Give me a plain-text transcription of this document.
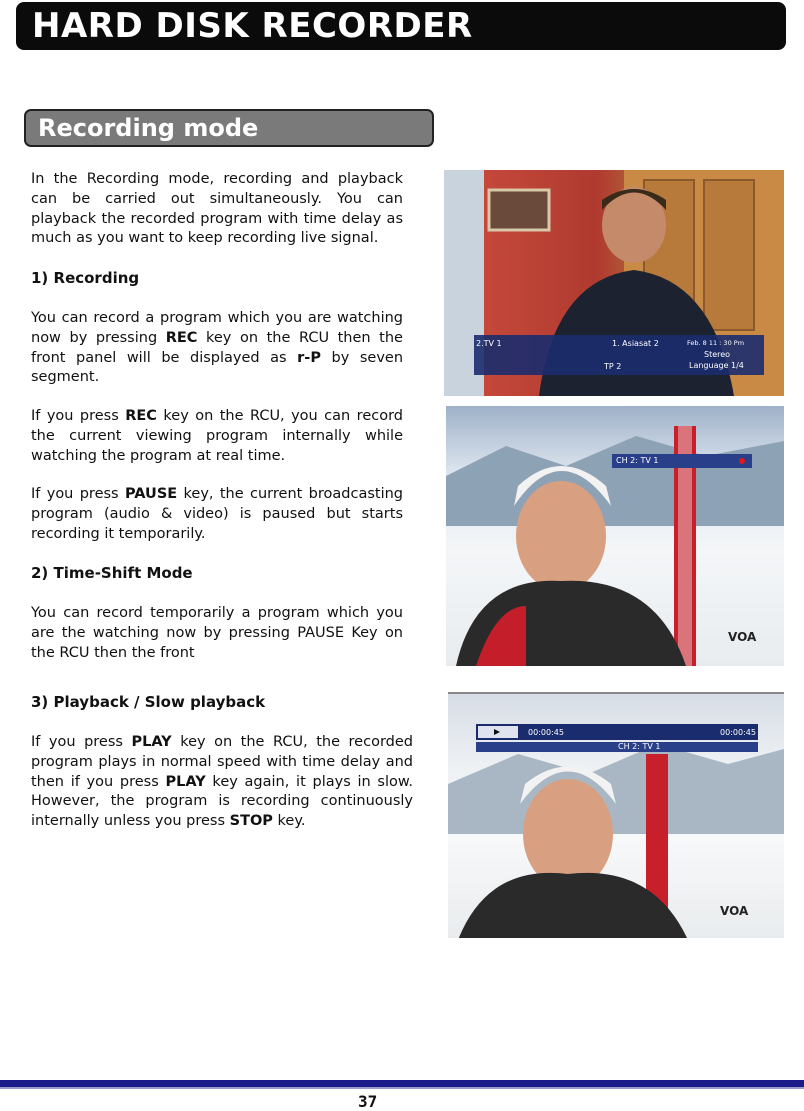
HARD DISK RECORDER
Recording mode

In the Recording mode, recording and playback can be carried out simultaneously. You can playback the recorded program with time delay as much as you want to keep recording live signal.

1) Recording

You can record a program which you are watching now by pressing REC key on the RCU then the front panel will be displayed as r-P by seven segment.

If you press REC key on the RCU, you can record the current viewing program internally while watching the program at real time.

If you press PAUSE key, the current broadcasting program (audio & video) is paused but starts recording it temporarily.

2) Time-Shift Mode

You can record temporarily a program which you are the watching now by pressing PAUSE Key on the RCU then the front

3) Playback / Slow playback

If you press PLAY key on the RCU, the recorded program plays in normal speed with time delay and then if you press PLAY key again, it plays in slow. However, the program is recording continuously internally unless you press STOP key.

2.TV 1	1. Asiasat 2	Feb. 8 11 : 30 Pm
Stereo
TP 2	Language 1/4
CH 2: TV 1
VOA
00:00:45	00:00:45
CH 2: TV 1
VOA
37
